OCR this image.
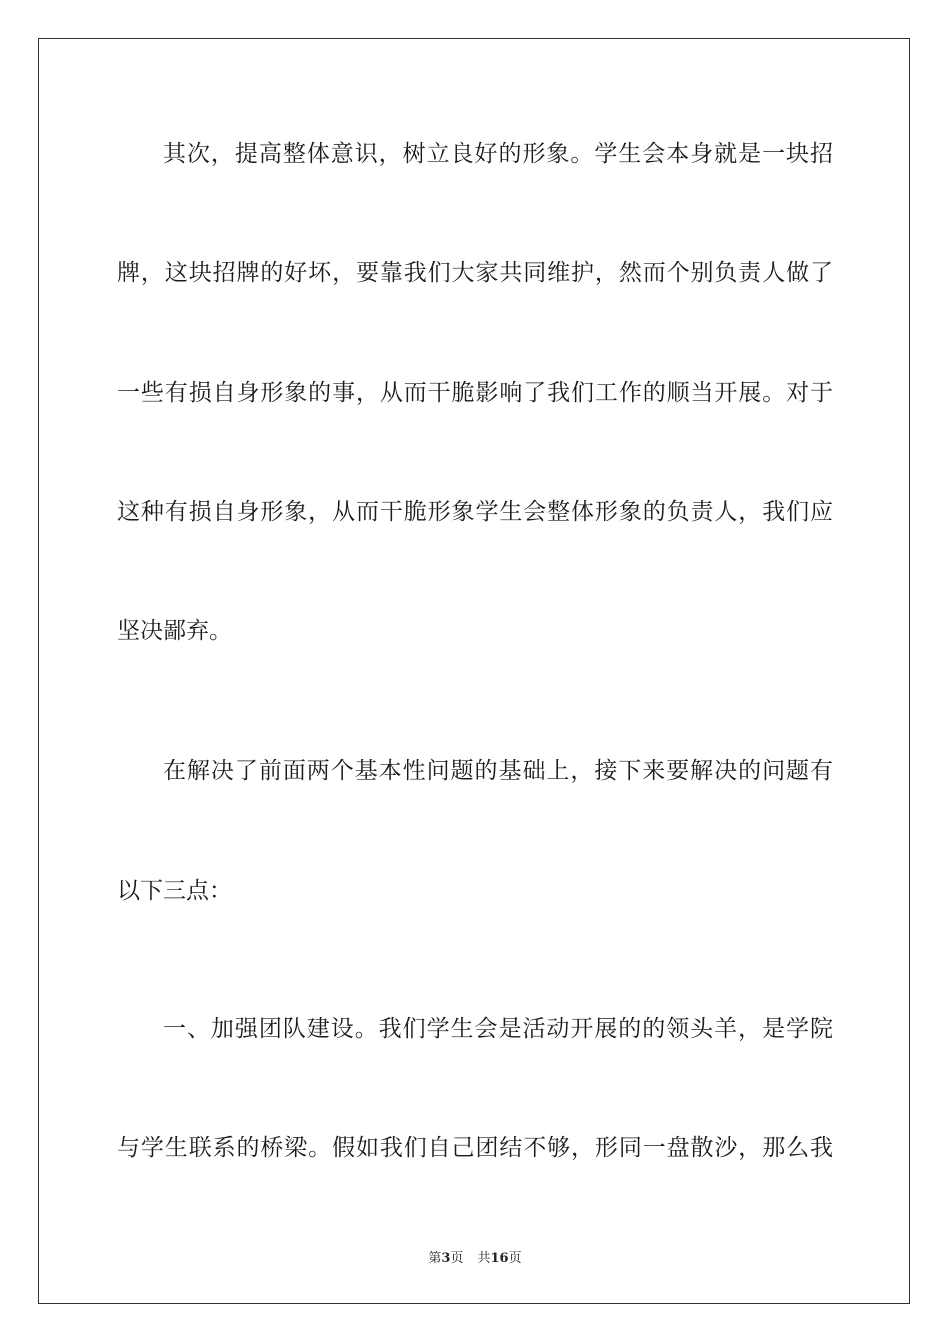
其次，提高整体意识，树立良好的形象。学生会本身就是一块招
牌，这块招牌的好坏，要靠我们大家共同维护，然而个别负责人做了
一些有损自身形象的事，从而干脆影响了我们工作的顺当开展。对于
这种有损自身形象，从而干脆形象学生会整体形象的负责人，我们应
坚决鄙弃。
在解决了前面两个基本性问题的基础上，接下来要解决的问题有
以下三点：
一、加强团队建设。我们学生会是活动开展的的领头羊，是学院
与学生联系的桥梁。假如我们自己团结不够，形同一盘散沙，那么我
第3页 共16页
